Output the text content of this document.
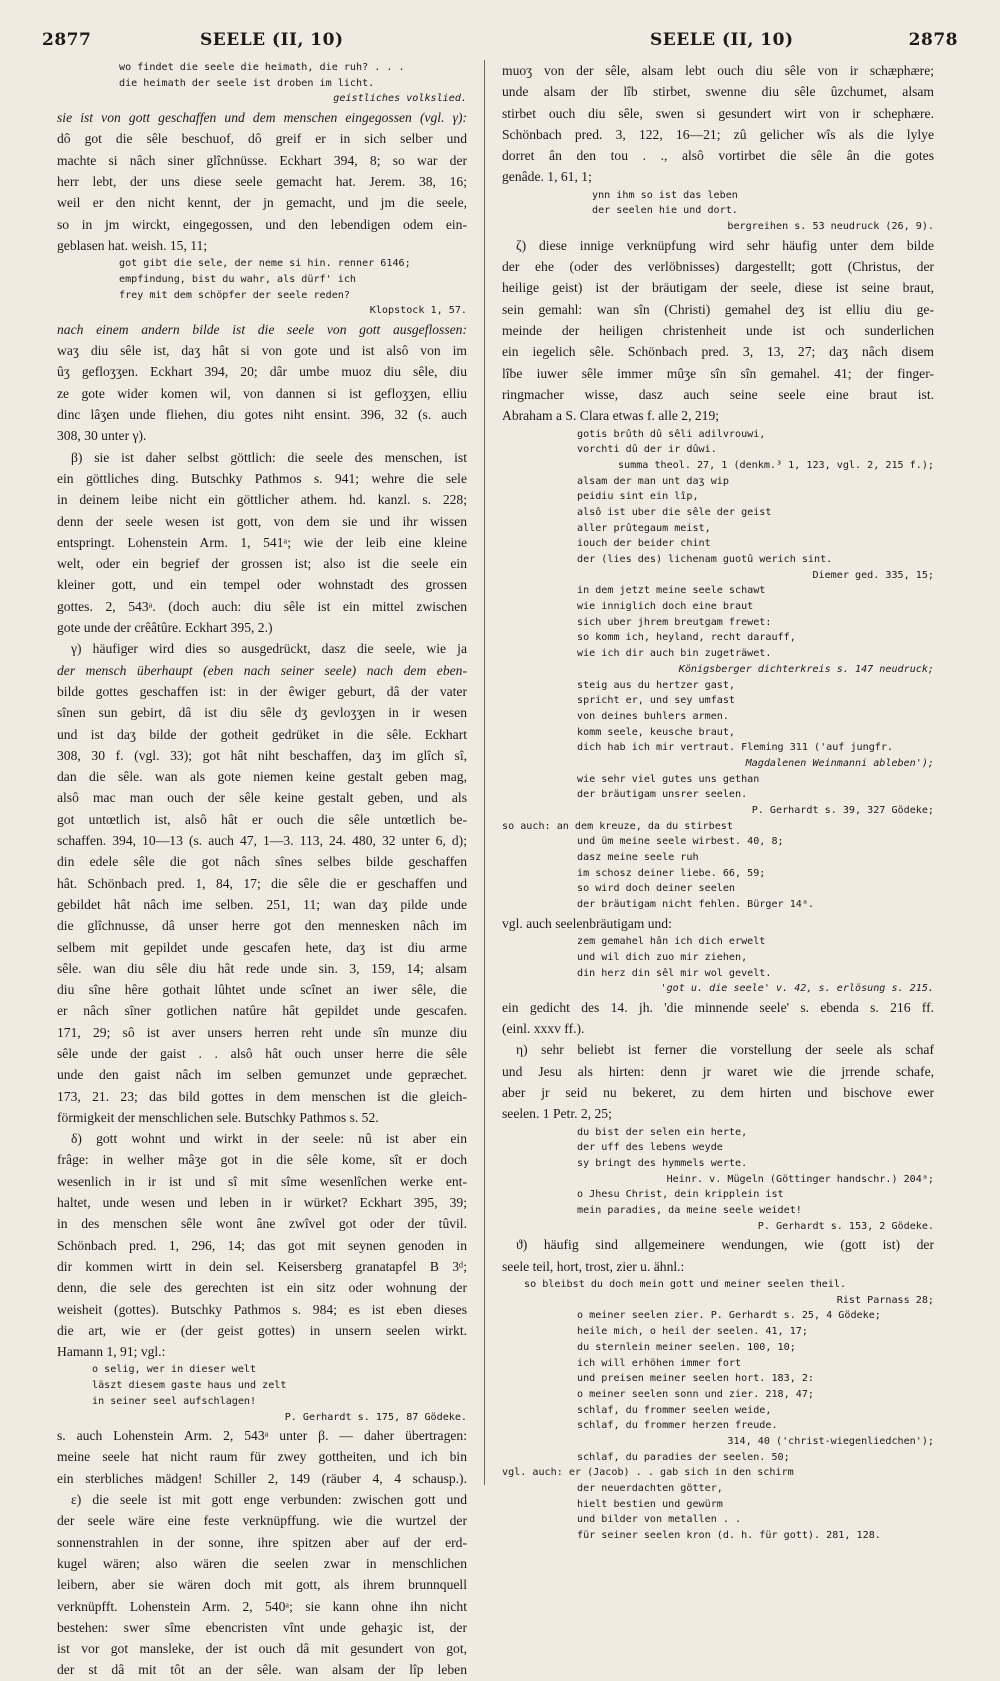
2877	SEELE (II, 10)	SEELE (II, 10)	2878
wo findet die seele die heimath, die ruh? . . .
die heimath der seele ist droben im licht.
geistliches volkslied.
sie ist von gott geschaffen und dem menschen eingegossen (vgl. γ):
dô got die sêle beschuof, dô greif er in sich selber und
machte si nâch siner glîchnüsse. Eckhart 394, 8; so war der
herr lebt, der uns diese seele gemacht hat. Jerem. 38, 16;
weil er den nicht kennt, der jn gemacht, und jm die seele,
so in jm wirckt, eingegossen, und den lebendigen odem ein-
geblasen hat. weish. 15, 11;
got gibt die sele, der neme si hin. renner 6146;
empfindung, bist du wahr, als dürf' ich
frey mit dem schöpfer der seele reden?
Klopstock 1, 57.
nach einem andern bilde ist die seele von gott ausgeflossen:
waʒ diu sêle ist, daʒ hât si von gote und ist alsô von im
ûʒ geflоʒʒen. Eckhart 394, 20; dâr umbe muoz diu sêle, diu
ze gote wider komen wil, von dannen si ist gefloʒʒen, elliu
dinc lâʒen unde fliehen, diu gotes niht ensint. 396, 32 (s. auch
308, 30 unter γ).
β) sie ist daher selbst göttlich: die seele des menschen, ist
ein göttliches ding. Butschky Pathmos s. 941; wehre die sele
in deinem leibe nicht ein göttlicher athem. hd. kanzl. s. 228;
denn der seele wesen ist gott, von dem sie und ihr wissen
entspringt. Lohenstein Arm. 1, 541ᵃ; wie der leib eine kleine
welt, oder ein begrief der grossen ist; also ist die seele ein
kleiner gott, und ein tempel oder wohnstadt des grossen
gottes. 2, 543ᵃ. (doch auch: diu sêle ist ein mittel zwischen
gote unde der crêâtûre. Eckhart 395, 2.)
γ) häufiger wird dies so ausgedrückt, dasz die seele, wie ja
der mensch überhaupt (eben nach seiner seele) nach dem eben-
bilde gottes geschaffen ist: in der êwiger geburt, dâ der vater
sînen sun gebirt, dâ ist diu sêle dʒ gevloʒʒen in ir wesen
und ist daʒ bilde der gotheit gedrüket in die sêle. Eckhart
308, 30 f. (vgl. 33); got hât niht beschaffen, daʒ im glîch sî,
dan die sêle. wan als gote niemen keine gestalt geben mag,
alsô mac man ouch der sêle keine gestalt geben, und als
got untœtlich ist, alsô hât er ouch die sêle untœtlich be-
schaffen. 394, 10—13 (s. auch 47, 1—3. 113, 24. 480, 32 unter 6, d);
din edele sêle die got nâch sînes selbes bilde geschaffen
hât. Schönbach pred. 1, 84, 17; die sêle die er geschaffen und
gebildet hât nâch ime selben. 251, 11; wan daʒ pilde unde
die glîchnusse, dâ unser herre got den mennesken nâch im
selbem mit gepildet unde gescafen hete, daʒ ist diu arme
sêle. wan diu sêle diu hât rede unde sin. 3, 159, 14; alsam
diu sîne hêre gothait lûhtet unde scînet an iwer sêle, die
er nâch sîner gotlichen natûre hât gepildet unde gescafen.
171, 29; sô ist aver unsers herren reht unde sîn munze diu
sêle unde der gaist . . alsô hât ouch unser herre die sêle
unde den gaist nâch im selben gemunzet unde gepræchet.
173, 21. 23; das bild gottes in dem menschen ist die gleich-
förmigkeit der menschlichen sele. Butschky Pathmos s. 52.
δ) gott wohnt und wirkt in der seele: nû ist aber ein
frâge: in welher mâʒe got in die sêle kome, sît er doch
wesenlich in ir ist und sî mit sîme wesenlîchen werke ent-
haltet, unde wesen und leben in ir würket? Eckhart 395, 39;
in des menschen sêle wont âne zwîvel got oder der tûvil.
Schönbach pred. 1, 296, 14; das got mit seynen genoden in
dir kommen wirtt in dein sel. Keisersberg granatapfel B 3ᵈ;
denn, die sele des gerechten ist ein sitz oder wohnung der
weisheit (gottes). Butschky Pathmos s. 984; es ist eben dieses
die art, wie er (der geist gottes) in unsern seelen wirkt.
Hamann 1, 91; vgl.:
o selig, wer in dieser welt
läszt diesem gaste haus und zelt
in seiner seel aufschlagen!
P. Gerhardt s. 175, 87 Gödeke.
s. auch Lohenstein Arm. 2, 543ᵃ unter β. — daher übertragen:
meine seele hat nicht raum für zwey gottheiten, und ich bin
ein sterbliches mädgen! Schiller 2, 149 (räuber 4, 4 schausp.).
ε) die seele ist mit gott enge verbunden: zwischen gott und
der seele wäre eine feste verknüpffung. wie die wurtzel der
sonnenstrahlen in der sonne, ihre spitzen aber auf der erd-
kugel wären; also wären die seelen zwar in menschlichen
leibern, aber sie wären doch mit gott, als ihrem brunnquell
verknüpfft. Lohenstein Arm. 2, 540ᵃ; sie kann ohne ihn nicht
bestehen: swer sîme ebencristen vînt unde gehaʒic ist, der
ist vor got mansleke, der ist ouch dâ mit gesundert von got,
der st dâ mit tôt an der sêle. wan alsam der lîp leben
muoʒ von der sêle, alsam lebt ouch diu sêle von ir schæphære;
unde alsam der lîb stirbet, swenne diu sêle ûzchumet, alsam
stirbet ouch diu sêle, swen si gesundert wirt von ir schephære.
Schönbach pred. 3, 122, 16—21; zû gelicher wîs als die lylye
dorret ân den tou . ., alsô vortirbet die sêle ân die gotes
genâde. 1, 61, 1;
ynn ihm so ist das leben
der seelen hie und dort.
bergreihen s. 53 neudruck (26, 9).
ζ) diese innige verknüpfung wird sehr häufig unter dem bilde
der ehe (oder des verlöbnisses) dargestellt; gott (Christus, der
heilige geist) ist der bräutigam der seele, diese ist seine braut,
sein gemahl: wan sîn (Christi) gemahel deʒ ist elliu diu ge-
meinde der heiligen christenheit unde ist och sunderlichen
ein iegelich sêle. Schönbach pred. 3, 13, 27; daʒ nâch disem
lîbe iuwer sêle immer mûʒe sîn sîn gemahel. 41; der finger-
ringmacher wisse, dasz auch seine seele eine braut ist.
Abraham a S. Clara etwas f. alle 2, 219;
gotis brûth dû sêli adilvrouwi,
vorchti dû der ir dûwi.
summa theol. 27, 1 (denkm.³ 1, 123, vgl. 2, 215 f.);
alsam der man unt daʒ wip
peidiu sint ein lîp,
alsô ist uber die sêle der geist
aller prûtegaum meist,
iouch der beider chint
der (lies des) lichenam guotû werich sint.
Diemer ged. 335, 15;
in dem jetzt meine seele schawt
wie inniglich doch eine braut
sich uber jhrem breutgam frewet:
so komm ich, heyland, recht darauff,
wie ich dir auch bin zugeträwet.
Königsberger dichterkreis s. 147 neudruck;
steig aus du hertzer gast,
spricht er, und sey umfast
von deines buhlers armen.
komm seele, keusche braut,
dich hab ich mir vertraut. Fleming 311 ('auf jungfr.
Magdalenen Weinmanni ableben');
wie sehr viel gutes uns gethan
der bräutigam unsrer seelen.
P. Gerhardt s. 39, 327 Gödeke;
so auch: an dem kreuze, da du stirbest
und üm meine seele wirbest. 40, 8;
dasz meine seele ruh
im schosz deiner liebe. 66, 59;
so wird doch deiner seelen
der bräutigam nicht fehlen. Bürger 14ᵃ.
vgl. auch seelenbräutigam und:
zem gemahel hân ich dich erwelt
und wil dich zuo mir ziehen,
din herz din sêl mir wol gevelt.
'got u. die seele' v. 42, s. erlösung s. 215.
ein gedicht des 14. jh. 'die minnende seele' s. ebenda s. 216 ff.
(einl. xxxv ff.).
η) sehr beliebt ist ferner die vorstellung der seele als schaf
und Jesu als hirten: denn jr waret wie die jrrende schafe,
aber jr seid nu bekeret, zu dem hirten und bischove ewer
seelen. 1 Petr. 2, 25;
du bist der selen ein herte,
der uff des lebens weyde
sy bringt des hymmels werte.
Heinr. v. Mügeln (Göttinger handschr.) 204ᵃ;
o Jhesu Christ, dein kripplein ist
mein paradies, da meine seele weidet!
P. Gerhardt s. 153, 2 Gödeke.
ϑ) häufig sind allgemeinere wendungen, wie (gott ist) der
seele teil, hort, trost, zier u. ähnl.:
so bleibst du doch mein gott und meiner seelen theil.
Rist Parnass 28;
o meiner seelen zier. P. Gerhardt s. 25, 4 Gödeke;
heile mich, o heil der seelen. 41, 17;
du sternlein meiner seelen. 100, 10;
ich will erhöhen immer fort
und preisen meiner seelen hort. 183, 2:
o meiner seelen sonn und zier. 218, 47;
schlaf, du frommer seelen weide,
schlaf, du frommer herzen freude.
314, 40 ('christ-wiegenliedchen');
schlaf, du paradies der seelen. 50;
vgl. auch: er (Jacob) . . gab sich in den schirm
der neuerdachten götter,
hielt bestien und gewürm
und bilder von metallen . .
für seiner seelen kron (d. h. für gott). 281, 128.
